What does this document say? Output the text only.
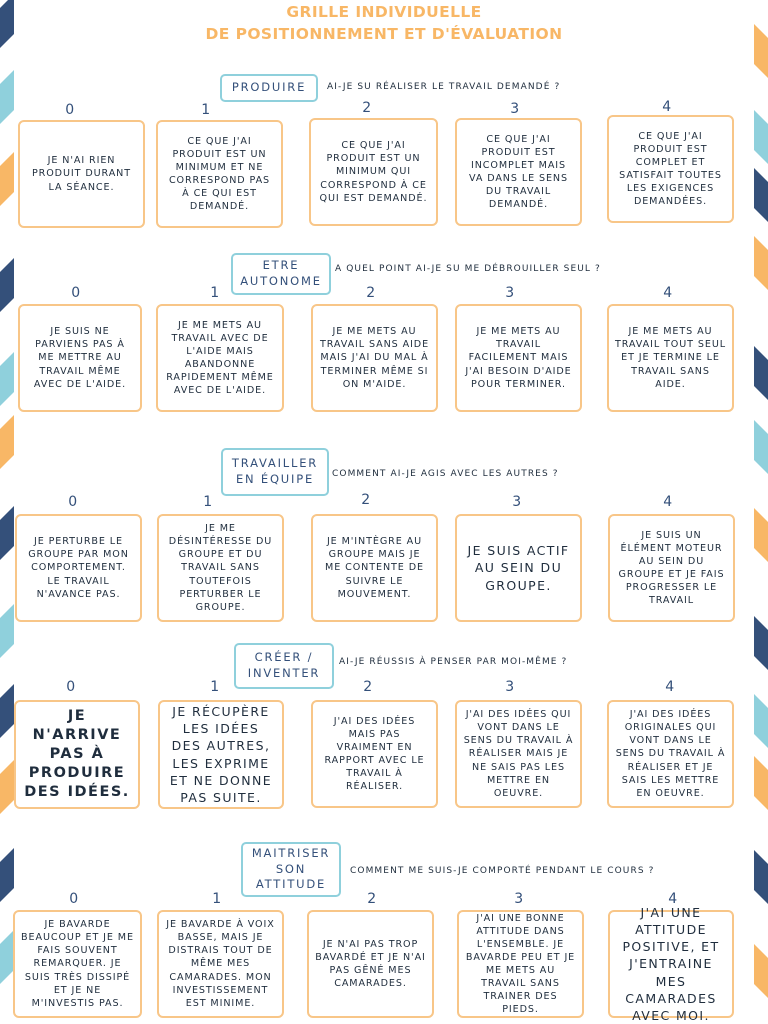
GRILLE INDIVIDUELLE
DE POSITIONNEMENT ET D'ÉVALUATION
PRODUIRE	AI-JE SU RÉALISER LE TRAVAIL DEMANDÉ ?
0	1	2	3	4
JE N'AI RIEN PRODUIT DURANT LA SÉANCE.
CE QUE J'AI PRODUIT EST UN MINIMUM ET NE CORRESPOND PAS À CE QUI EST DEMANDÉ.
CE QUE J'AI PRODUIT EST UN MINIMUM QUI CORRESPOND À CE QUI EST DEMANDÉ.
CE QUE J'AI PRODUIT EST INCOMPLET MAIS VA DANS LE SENS DU TRAVAIL DEMANDÉ.
CE QUE J'AI PRODUIT EST COMPLET ET SATISFAIT TOUTES LES EXIGENCES DEMANDÉES.
ETRE
AUTONOME
A QUEL POINT AI-JE SU ME DÉBROUILLER SEUL ?
0	1	2	3	4
JE SUIS NE PARVIENS PAS À ME METTRE AU TRAVAIL MÊME AVEC DE L'AIDE.
JE ME METS AU TRAVAIL AVEC DE L'AIDE MAIS ABANDONNE RAPIDEMENT MÊME AVEC DE L'AIDE.
JE ME METS AU TRAVAIL SANS AIDE MAIS J'AI DU MAL À TERMINER MÊME SI ON M'AIDE.
JE ME METS AU TRAVAIL FACILEMENT MAIS J'AI BESOIN D'AIDE POUR TERMINER.
JE ME METS AU TRAVAIL TOUT SEUL ET JE TERMINE LE TRAVAIL SANS AIDE.
TRAVAILLER
EN ÉQUIPE	COMMENT AI-JE AGIS AVEC LES AUTRES ?
0	1	2	3	4
JE PERTURBE LE GROUPE PAR MON COMPORTEMENT. LE TRAVAIL N'AVANCE PAS.
JE ME DÉSINTÉRESSE DU GROUPE ET DU TRAVAIL SANS TOUTEFOIS PERTURBER LE GROUPE.
JE M'INTÈGRE AU GROUPE MAIS JE ME CONTENTE DE SUIVRE LE MOUVEMENT.
JE SUIS ACTIF AU SEIN DU GROUPE.
JE SUIS UN ÉLÉMENT MOTEUR AU SEIN DU GROUPE ET JE FAIS PROGRESSER LE TRAVAIL
CRÉER /
INVENTER
AI-JE RÉUSSIS À PENSER PAR MOI-MÊME ?
0	1	2	3	4
JE N'ARRIVE PAS À PRODUIRE DES IDÉES.
JE RÉCUPÈRE LES IDÉES DES AUTRES, LES EXPRIME ET NE DONNE PAS SUITE.
J'AI DES IDÉES MAIS PAS VRAIMENT EN RAPPORT AVEC LE TRAVAIL À RÉALISER.
J'AI DES IDÉES QUI VONT DANS LE SENS DU TRAVAIL À RÉALISER MAIS JE NE SAIS PAS LES METTRE EN OEUVRE.
J'AI DES IDÉES ORIGINALES QUI VONT DANS LE SENS DU TRAVAIL À RÉALISER ET JE SAIS LES METTRE EN OEUVRE.
MAITRISER
SON
ATTITUDE
COMMENT ME SUIS-JE COMPORTÉ PENDANT LE COURS ?
0	1	2	3	4
JE BAVARDE BEAUCOUP ET JE ME FAIS SOUVENT REMARQUER. JE SUIS TRÈS DISSIPÉ ET JE NE M'INVESTIS PAS.
JE BAVARDE À VOIX BASSE, MAIS JE DISTRAIS TOUT DE MÊME MES CAMARADES. MON INVESTISSEMENT EST MINIME.
JE N'AI PAS TROP BAVARDÉ ET JE N'AI PAS GÊNÉ MES CAMARADES.
J'AI UNE BONNE ATTITUDE DANS L'ENSEMBLE. JE BAVARDE PEU ET JE ME METS AU TRAVAIL SANS TRAINER DES PIEDS.
J'AI UNE ATTITUDE POSITIVE, ET J'ENTRAINE MES CAMARADES AVEC MOI.
